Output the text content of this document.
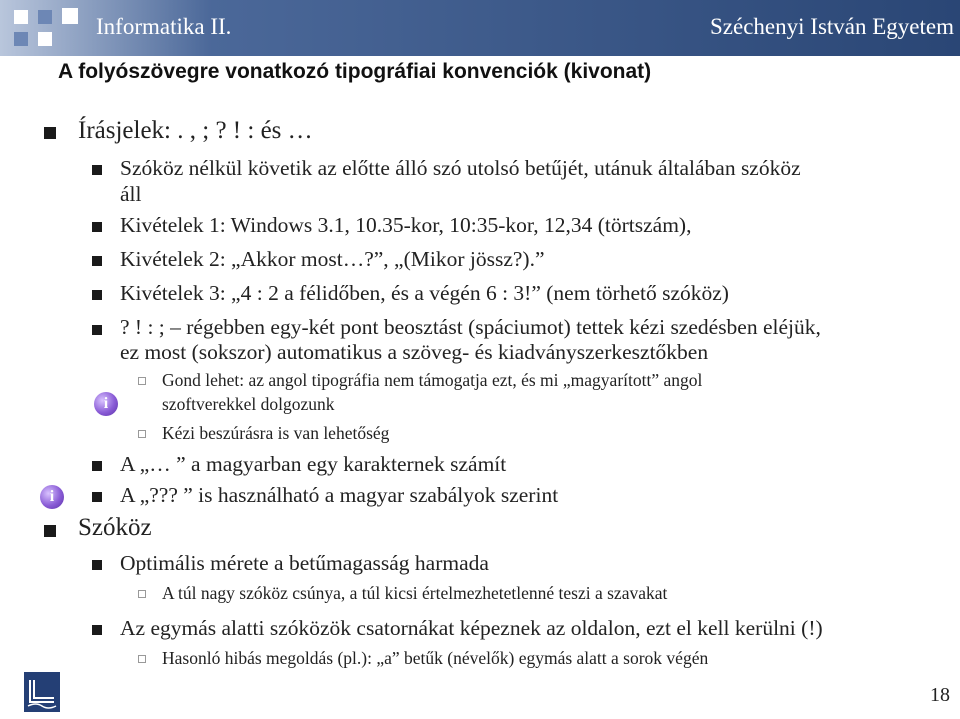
Informatika II.	Széchenyi István Egyetem
A folyószövegre vonatkozó tipográfiai konvenciók (kivonat)
Írásjelek: . , ; ? ! : és …
Szóköz nélkül követik az előtte álló szó utolsó betűjét, utánuk általában szóköz
áll
Kivételek 1: Windows 3.1, 10.35-kor, 10:35-kor, 12,34 (törtszám),
Kivételek 2: „Akkor most…?”, „(Mikor jössz?).”
Kivételek 3: „4 : 2 a félidőben, és a végén 6 : 3!” (nem törhető szóköz)
? ! : ; – régebben egy-két pont beosztást (spáciumot) tettek kézi szedésben eléjük,
ez most (sokszor) automatikus a szöveg- és kiadványszerkesztőkben
Gond lehet: az angol tipográfia nem támogatja ezt, és mi „magyarított” angol
i	szoftverekkel dolgozunk
Kézi beszúrásra is van lehetőség
A „… ” a magyarban egy karakternek számít
i	A „??? ” is használható a magyar szabályok szerint
Szóköz
Optimális mérete a betűmagasság harmada
A túl nagy szóköz csúnya, a túl kicsi értelmezhetetlenné teszi a szavakat
Az egymás alatti szóközök csatornákat képeznek az oldalon, ezt el kell kerülni (!)
Hasonló hibás megoldás (pl.): „a” betűk (névelők) egymás alatt a sorok végén
18
